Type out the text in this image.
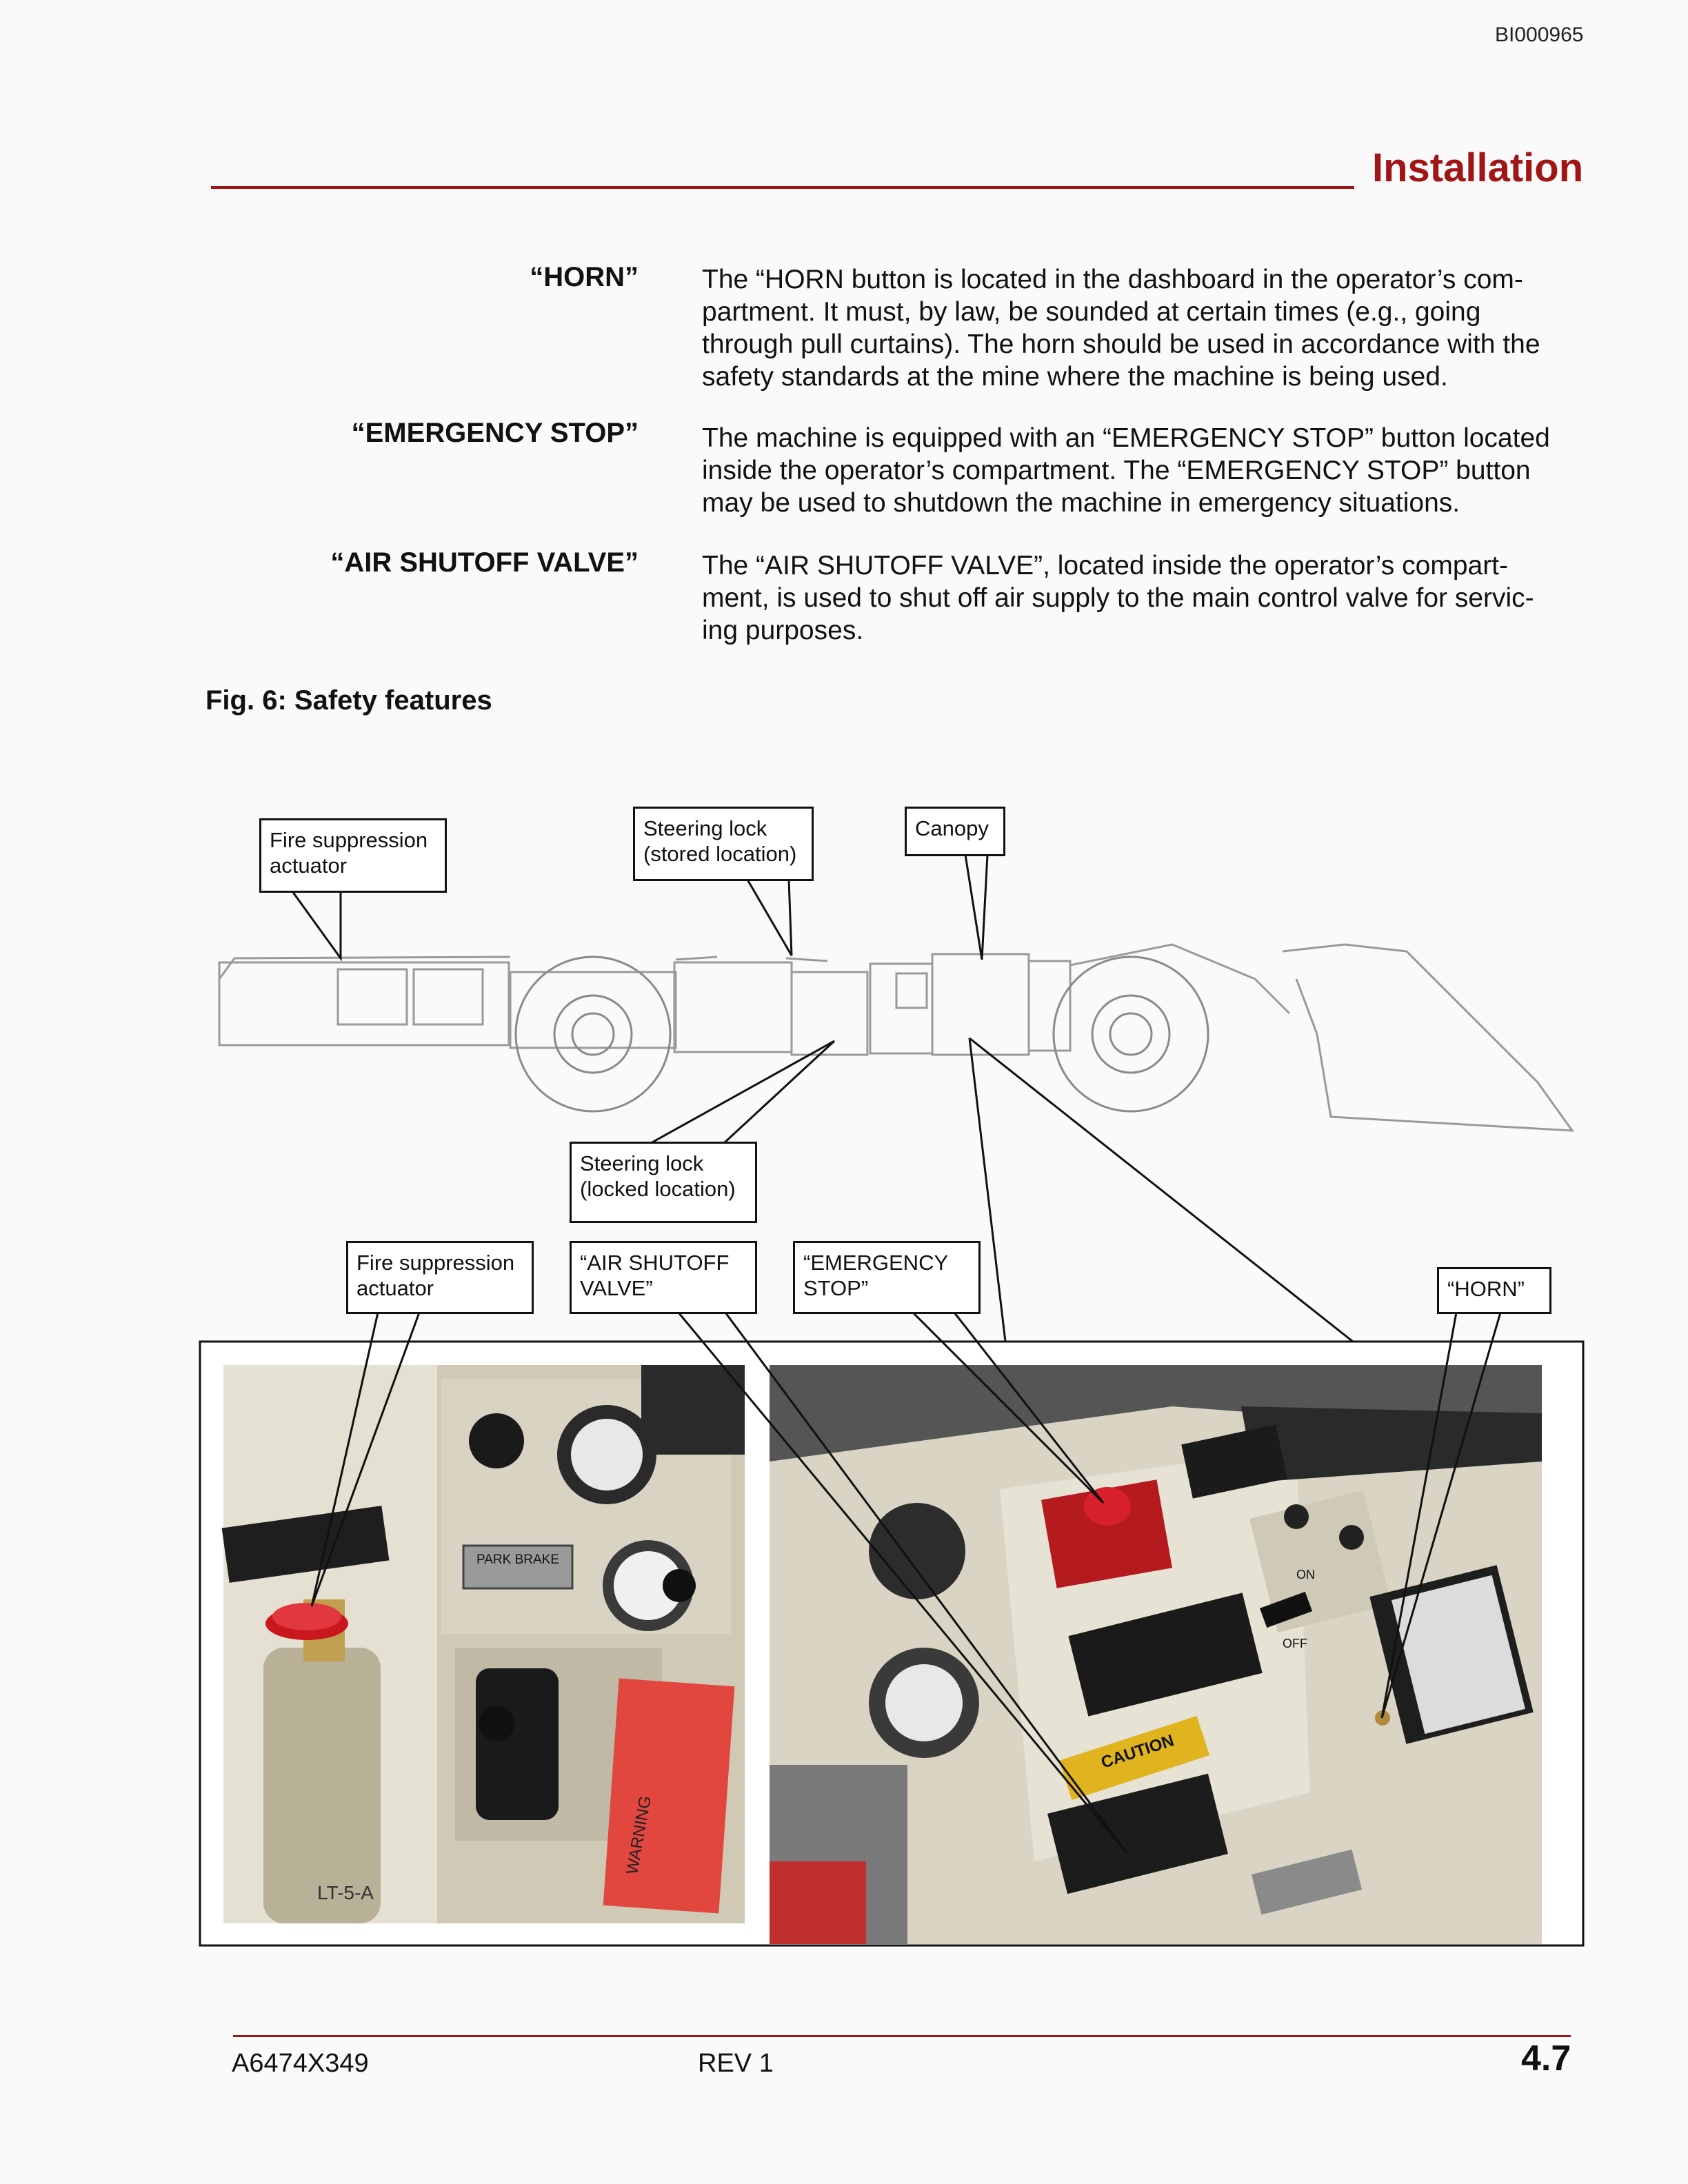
BI000965
Installation
“HORN” The “HORN button is located in the dashboard in the operator’s com-
partment. It must, by law, be sounded at certain times (e.g., going
through pull curtains). The horn should be used in accordance with the
safety standards at the mine where the machine is being used.
“EMERGENCY STOP” The machine is equipped with an “EMERGENCY STOP” button located
inside the operator’s compartment. The “EMERGENCY STOP” button
may be used to shutdown the machine in emergency situations.
“AIR SHUTOFF VALVE” The “AIR SHUTOFF VALVE”, located inside the operator’s compart-
ment, is used to shut off air supply to the main control valve for servic-
ing purposes.
Fig. 6: Safety features
PARK BRAKE
WARNING
LT-5-A
CAUTION
ON
OFF
Fire suppression
actuator
Steering lock
(stored location)
Canopy
Steering lock
(locked location)
Fire suppression
actuator
“AIR SHUTOFF
VALVE”
“EMERGENCY
STOP”	“HORN”
A6474X349	REV 1	4.7
